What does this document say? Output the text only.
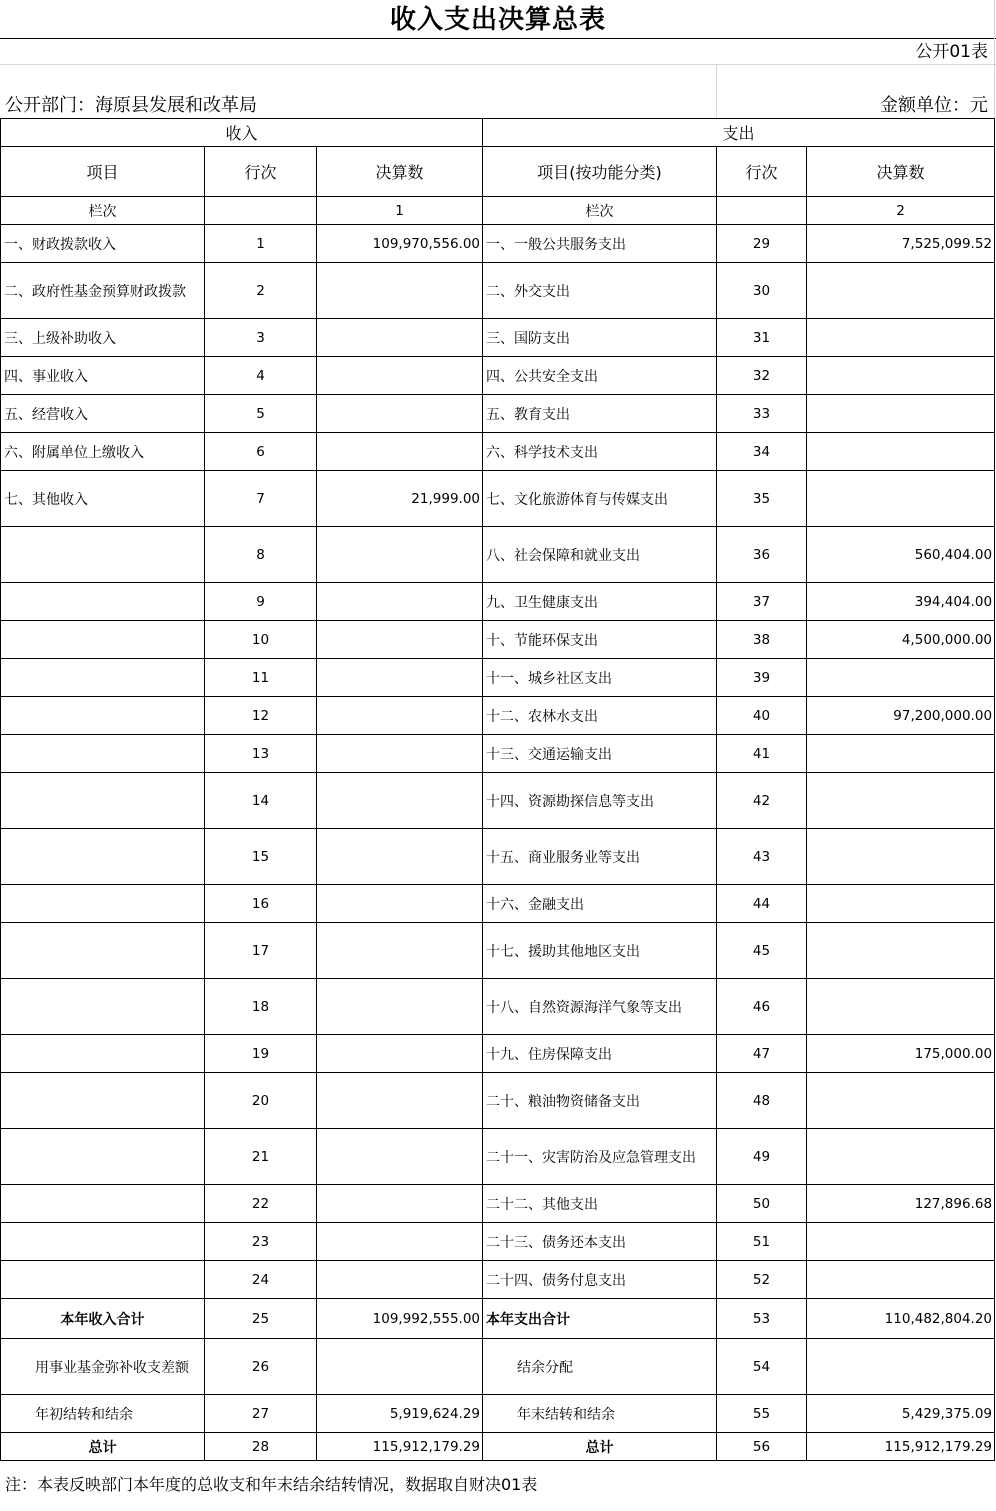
收入支出决算总表
公开01表
公开部门：海原县发展和改革局	金额单位：元
收入			支出		
项目	行次	决算数	项目(按功能分类)	行次	决算数
栏次		1	栏次		2
一、财政拨款收入	1	109,970,556.00	一、一般公共服务支出	29	7,525,099.52
二、政府性基金预算财政拨款	2		二、外交支出	30	
三、上级补助收入	3		三、国防支出	31	
四、事业收入	4		四、公共安全支出	32	
五、经营收入	5		五、教育支出	33	
六、附属单位上缴收入	6		六、科学技术支出	34	
七、其他收入	7	21,999.00	七、文化旅游体育与传媒支出	35	
	8		八、社会保障和就业支出	36	560,404.00
	9		九、卫生健康支出	37	394,404.00
	10		十、节能环保支出	38	4,500,000.00
	11		十一、城乡社区支出	39	
	12		十二、农林水支出	40	97,200,000.00
	13		十三、交通运输支出	41	
	14		十四、资源勘探信息等支出	42	
	15		十五、商业服务业等支出	43	
	16		十六、金融支出	44	
	17		十七、援助其他地区支出	45	
	18		十八、自然资源海洋气象等支出	46	
	19		十九、住房保障支出	47	175,000.00
	20		二十、粮油物资储备支出	48	
	21		二十一、灾害防治及应急管理支出	49	
	22		二十二、其他支出	50	127,896.68
	23		二十三、债务还本支出	51	
	24		二十四、债务付息支出	52	
本年收入合计	25	109,992,555.00	本年支出合计	53	110,482,804.20
用事业基金弥补收支差额	26		结余分配	54	
年初结转和结余	27	5,919,624.29	年末结转和结余	55	5,429,375.09
总计	28	115,912,179.29	总计	56	115,912,179.29
注：本表反映部门本年度的总收支和年末结余结转情况，数据取自财决01表
